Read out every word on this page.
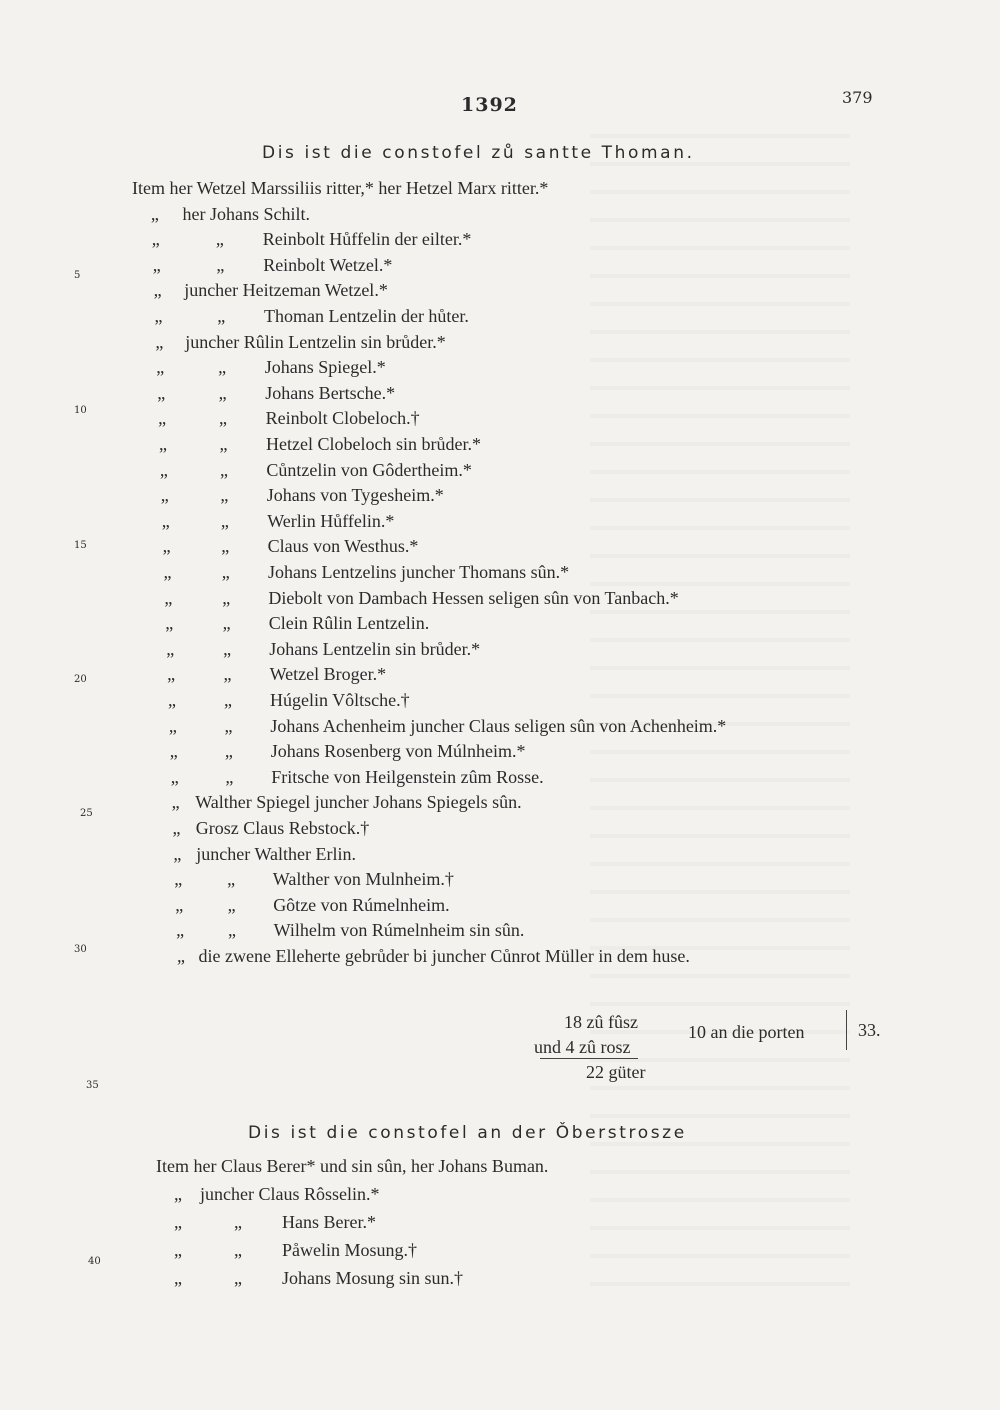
1392	379
Dis ist die constofel zů santte Thoman.
Item her Wetzel Marssiliis ritter,* her Hetzel Marx ritter.*
„ her Johans Schilt.
„	„ Reinbolt Hůffelin der eilter.*
„	„ Reinbolt Wetzel.*
„ juncher Heitzeman Wetzel.*
„	„ Thoman Lentzelin der hůter.
„ juncher Rûlin Lentzelin sin brůder.*
„	„ Johans Spiegel.*
„	„ Johans Bertsche.*
„	„ Reinbolt Clobeloch.†
„	„ Hetzel Clobeloch sin brůder.*
„	„ Cůntzelin von Gôdertheim.*
„	„ Johans von Tygesheim.*
„	„ Werlin Hůffelin.*
„	„ Claus von Westhus.*
„	„ Johans Lentzelins juncher Thomans sûn.*
„	„ Diebolt von Dambach Hessen seligen sûn von Tanbach.*
„	„ Clein Rûlin Lentzelin.
„	„ Johans Lentzelin sin brůder.*
„	„ Wetzel Broger.*
„	„ Húgelin Vôltsche.†
„	„ Johans Achenheim juncher Claus seligen sûn von Achenheim.*
„	„ Johans Rosenberg von Múlnheim.*
„	„ Fritsche von Heilgenstein zûm Rosse.
„ Walther Spiegel juncher Johans Spiegels sûn.
„ Grosz Claus Rebstock.†
„ juncher Walther Erlin.
„ „ Walther von Mulnheim.†
„ „ Gôtze von Rúmelnheim.
„ „ Wilhelm von Rúmelnheim sin sûn.
„ die zwene Elleherte gebrůder bi juncher Cůnrot Müller in dem huse.
5
10
15
20
25
30
35
40
18 zû fûsz
und 4 zû rosz
22 güter
10 an die porten	33.
Dis ist die constofel an der Ǒberstrosze
Item her Claus Berer* und sin sûn, her Johans Buman.
„ juncher Claus Rôsselin.*
„	„ Hans Berer.*
„	„ Påwelin Mosung.†
„	„ Johans Mosung sin sun.†
